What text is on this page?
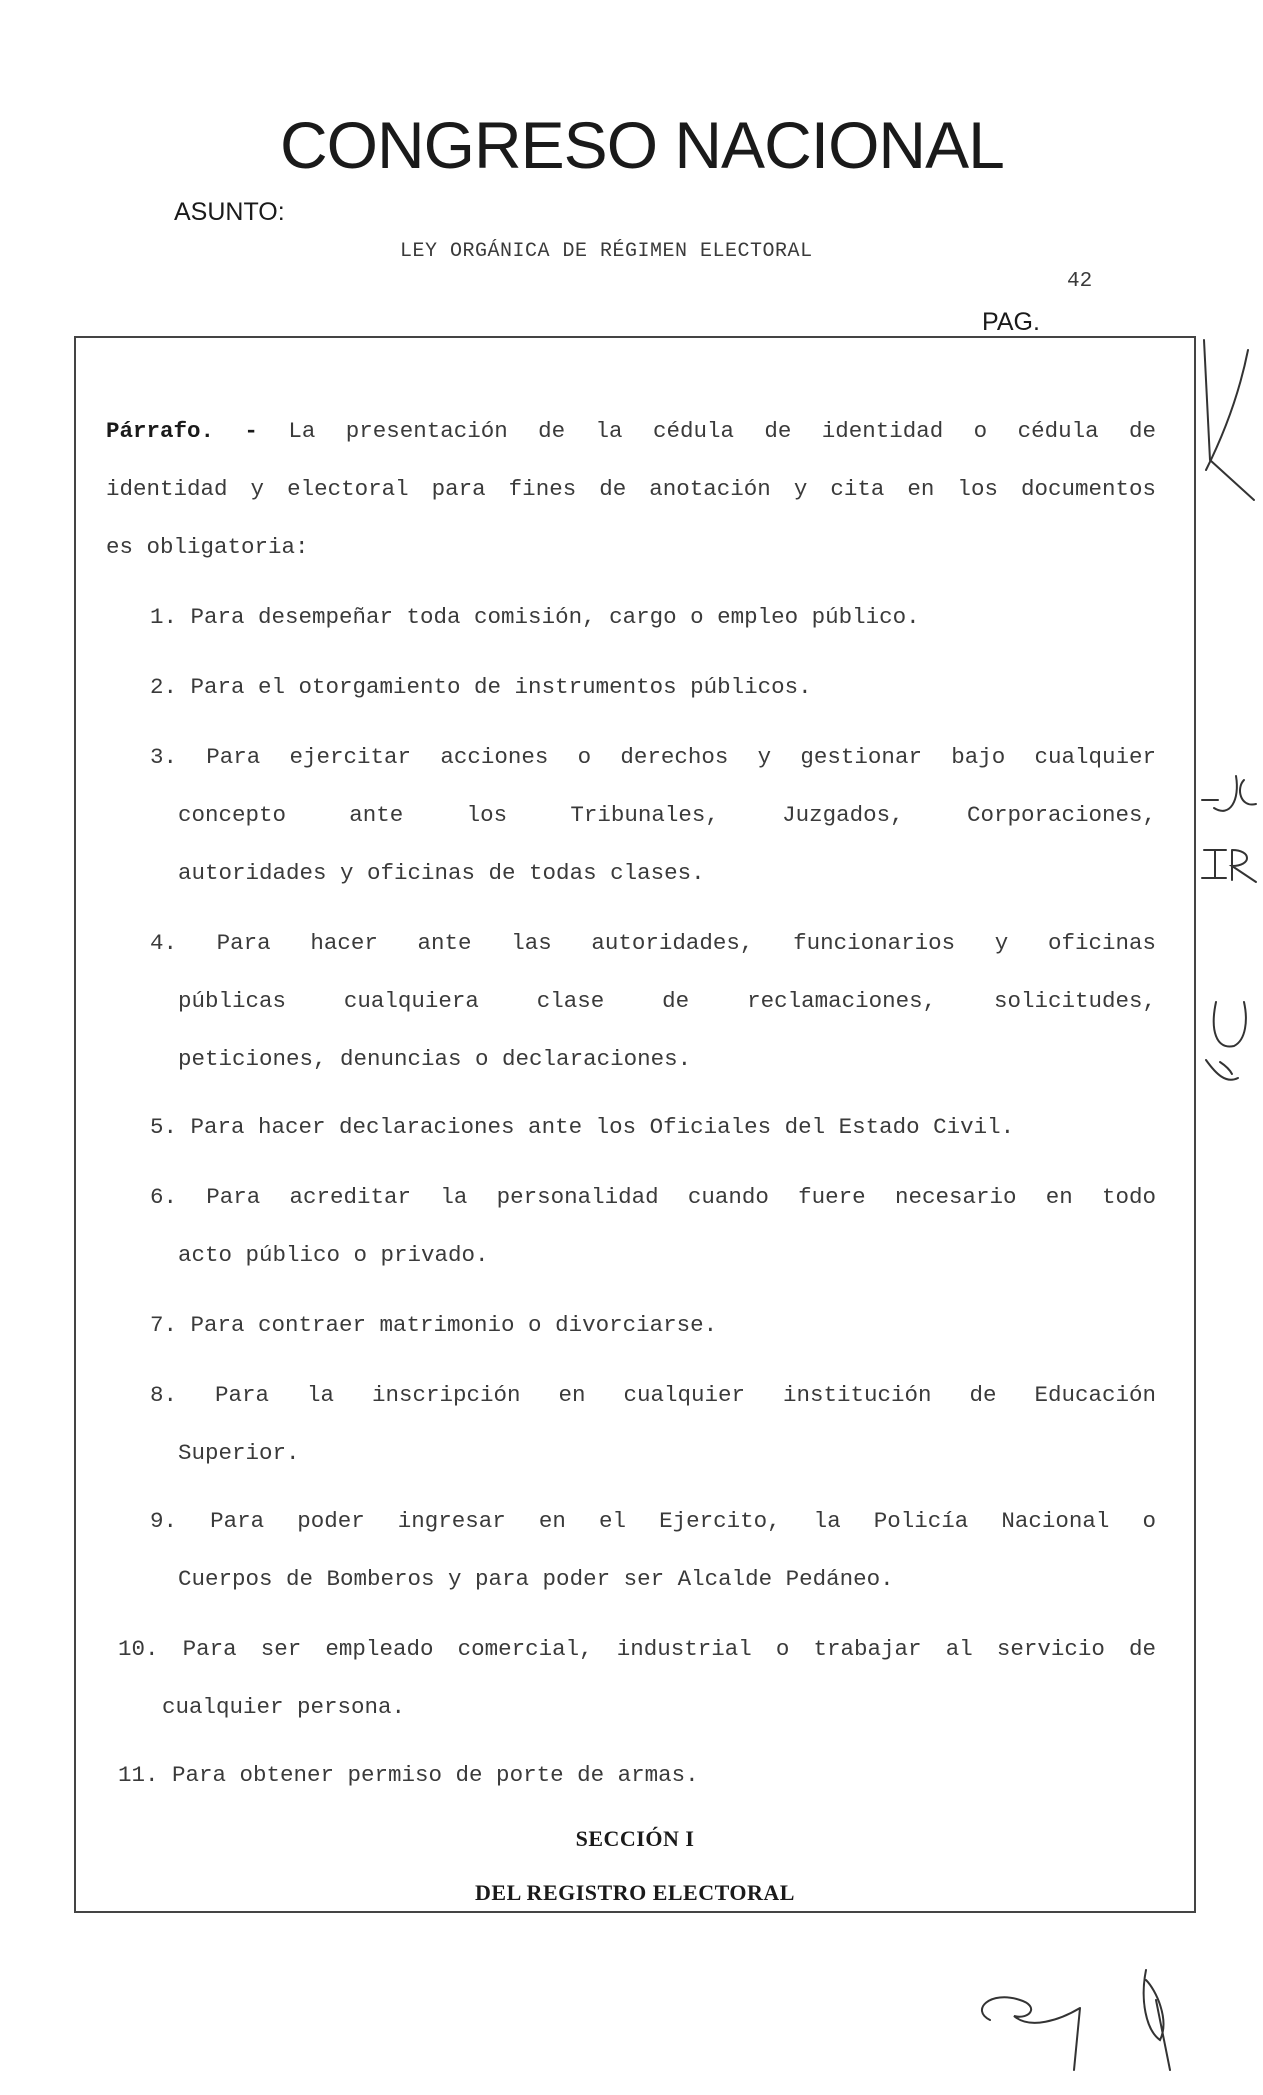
CONGRESO NACIONAL
ASUNTO:
LEY ORGÁNICA DE RÉGIMEN ELECTORAL
42
PAG.
Párrafo. - La presentación de la cédula de identidad o cédula de
identidad y electoral para fines de anotación y cita en los documentos
es obligatoria:
1. Para desempeñar toda comisión, cargo o empleo público.
2. Para el otorgamiento de instrumentos públicos.
3. Para ejercitar acciones o derechos y gestionar bajo cualquier
concepto ante los Tribunales, Juzgados, Corporaciones,
autoridades y oficinas de todas clases.
4. Para hacer ante las autoridades, funcionarios y oficinas
públicas cualquiera clase de reclamaciones, solicitudes,
peticiones, denuncias o declaraciones.
5. Para hacer declaraciones ante los Oficiales del Estado Civil.
6. Para acreditar la personalidad cuando fuere necesario en todo
acto público o privado.
7. Para contraer matrimonio o divorciarse.
8. Para la inscripción en cualquier institución de Educación
Superior.
9. Para poder ingresar en el Ejercito, la Policía Nacional o
Cuerpos de Bomberos y para poder ser Alcalde Pedáneo.
10. Para ser empleado comercial, industrial o trabajar al servicio de
cualquier persona.
11. Para obtener permiso de porte de armas.
SECCIÓN I
DEL REGISTRO ELECTORAL
